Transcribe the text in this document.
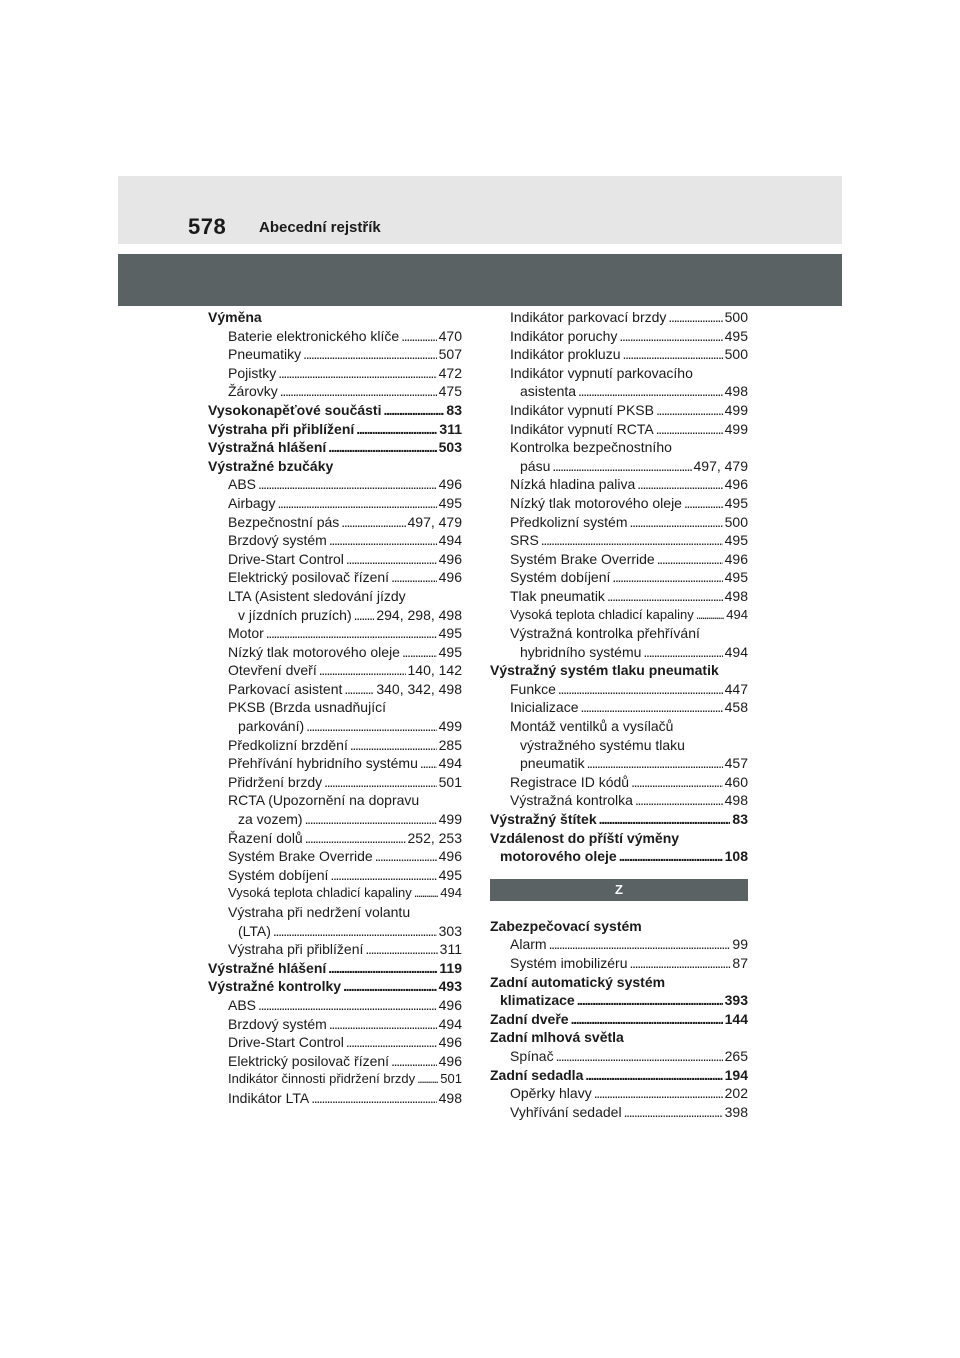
578 Abecední rejstřík
Výměna
Baterie elektronického klíče . . .	470
Pneumatiky . . .	507
Pojistky . . .	472
Žárovky . . .	475
Vysokonapěťové součásti . . .	83
Výstraha při přiblížení . . .	311
Výstražná hlášení . . .	503
Výstražné bzučáky
ABS . . .	496
Airbagy . . .	495
Bezpečnostní pás . . .	497, 479
Brzdový systém . . .	494
Drive-Start Control . . .	496
Elektrický posilovač řízení . . .	496
LTA (Asistent sledování jízdy
v jízdních pruzích) . . . 294, 298, 498
Motor . . .	495
Nízký tlak motorového oleje . . .	495
Otevření dveří . . .	140, 142
Parkovací asistent . . . 340, 342, 498
PKSB (Brzda usnadňující
parkování) . . .	499
Předkolizní brzdění . . .	285
Přehřívání hybridního systému . . . 494
Přidržení brzdy . . .	501
RCTA (Upozornění na dopravu
za vozem) . . .	499
Řazení dolů . . .	252, 253
Systém Brake Override . . .	496
Systém dobíjení . . .	495
Vysoká teplota chladicí kapaliny . . . 494
Výstraha při nedržení volantu
(LTA) . . .	303
Výstraha při přiblížení . . .	311
Výstražné hlášení . . .	119
Výstražné kontrolky . . .	493
ABS . . .	496
Brzdový systém . . .	494
Drive-Start Control . . .	496
Elektrický posilovač řízení . . .	496
Indikátor činnosti přidržení brzdy . . . 501
Indikátor LTA . . .	498
Indikátor parkovací brzdy . . .	500
Indikátor poruchy . . .	495
Indikátor prokluzu . . .	500
Indikátor vypnutí parkovacího
asistenta . . .	498
Indikátor vypnutí PKSB . . .	499
Indikátor vypnutí RCTA . . .	499
Kontrolka bezpečnostního
pásu . . .	497, 479
Nízká hladina paliva . . .	496
Nízký tlak motorového oleje . . .	495
Předkolizní systém . . .	500
SRS . . .	495
Systém Brake Override . . .	496
Systém dobíjení . . .	495
Tlak pneumatik . . .	498
Vysoká teplota chladicí kapaliny . . .	494
Výstražná kontrolka přehřívání
hybridního systému . . .	494
Výstražný systém tlaku pneumatik
Funkce . . .	447
Inicializace . . .	458
Montáž ventilků a vysílačů
výstražného systému tlaku
pneumatik . . .	457
Registrace ID kódů . . .	460
Výstražná kontrolka . . .	498
Výstražný štítek . . .	83
Vzdálenost do příští výměny
motorového oleje . . .	108
Z
Zabezpečovací systém
Alarm . . .	99
Systém imobilizéru . . .	87
Zadní automatický systém
klimatizace . . .	393
Zadní dveře . . .	144
Zadní mlhová světla
Spínač . . .	265
Zadní sedadla . . .	194
Opěrky hlavy . . .	202
Vyhřívání sedadel . . .	398
